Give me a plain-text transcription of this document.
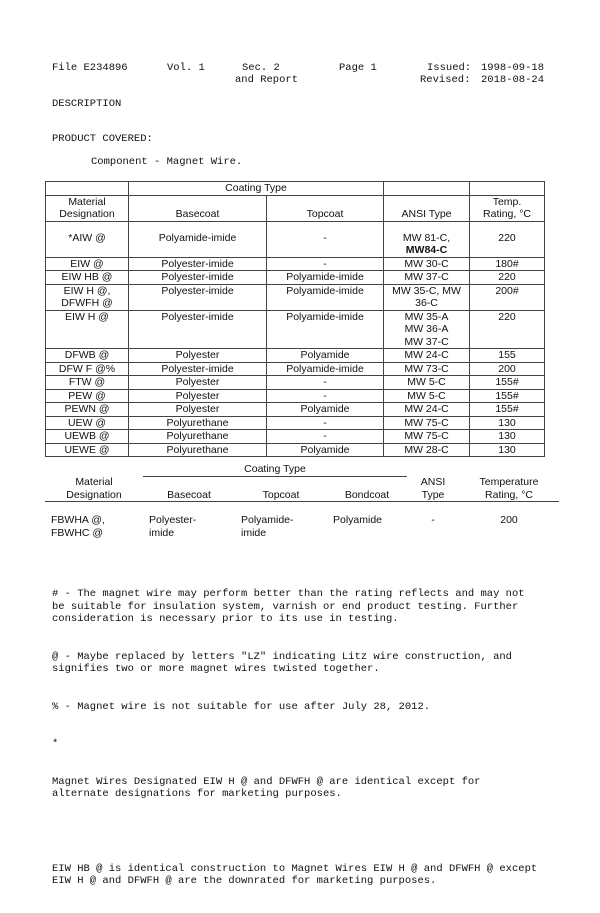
File E234896	Vol. 1	Sec. 2
and Report
Page 1	Issued: 1998-09-18
Revised: 2018-08-24
DESCRIPTION
PRODUCT COVERED:
Component - Magnet Wire.
	Coating Type			
Material
Designation	Basecoat	Topcoat	ANSI Type	Temp.
Rating, °C

*AIW @	Polyamide-imide	-	MW 81-C,
MW84-C	220
EIW @	Polyester-imide	-	MW 30-C	180#
EIW HB @	Polyester-imide	Polyamide-imide	MW 37-C	220
EIW H @,
DFWFH @	Polyester-imide	Polyamide-imide	MW 35-C, MW
36-C	200#
EIW H @	Polyester-imide	Polyamide-imide	MW 35-A
MW 36-A
MW 37-C	220
DFWB @	Polyester	Polyamide	MW 24-C	155
DFW F @%	Polyester-imide	Polyamide-imide	MW 73-C	200
FTW @	Polyester	-	MW 5-C	155#
PEW @	Polyester	-	MW 5-C	155#
PEWN @	Polyester	Polyamide	MW 24-C	155#
UEW @	Polyurethane	-	MW 75-C	130
UEWB @	Polyurethane	-	MW 75-C	130
UEWE @	Polyurethane	Polyamide	MW 28-C	130
	Coating Type				
Material
Designation	Basecoat	Topcoat	Bondcoat	ANSI
Type	Temperature
Rating, °C

FBWHA @,
FBWHC @	Polyester-
imide	Polyamide-
imide	Polyamide	-	200

# - The magnet wire may perform better than the rating reflects and may not
be suitable for insulation system, varnish or end product testing. Further
consideration is necessary prior to its use in testing.

@ - Maybe replaced by letters "LZ" indicating Litz wire construction, and
signifies two or more magnet wires twisted together.

% - Magnet wire is not suitable for use after July 28, 2012.

*

Magnet Wires Designated EIW H @ and DFWFH @ are identical except for
alternate designations for marketing purposes.

EIW HB @ is identical construction to Magnet Wires EIW H @ and DFWFH @ except
EIW H @ and DFWFH @ are the downrated for marketing purposes.
